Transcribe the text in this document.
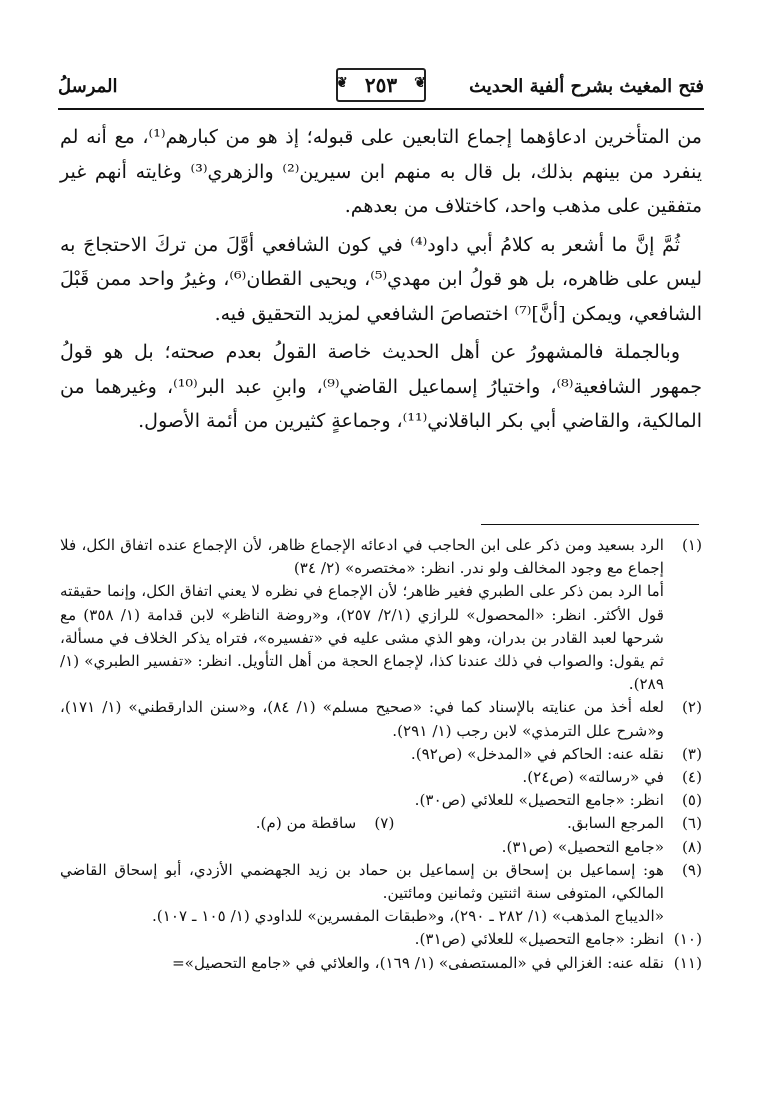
فتح المغيث بشرح ألفية الحديث
❦ ٢٥٣ ❦
المرسلُ

من المتأخرين ادعاؤهما إجماع التابعين على قبوله؛ إذ هو من كبارهم⁽¹⁾، مع أنه لم ينفرد من بينهم بذلك، بل قال به منهم ابن سيرين⁽²⁾ والزهري⁽³⁾ وغايته أنهم غير متفقين على مذهب واحد، كاختلاف من بعدهم.

ثُمَّ إنَّ ما أشعر به كلامُ أبي داود⁽⁴⁾ في كون الشافعي أوَّلَ من تركَ الاحتجاجَ به ليس على ظاهره، بل هو قولُ ابن مهدي⁽⁵⁾، ويحيى القطان⁽⁶⁾، وغيرُ واحد ممن قَبْلَ الشافعي، ويمكن [أنَّ]⁽⁷⁾ اختصاصَ الشافعي لمزيد التحقيق فيه.

وبالجملة فالمشهورُ عن أهل الحديث خاصة القولُ بعدم صحته؛ بل هو قولُ جمهور الشافعية⁽⁸⁾، واختيارُ إسماعيل القاضي⁽⁹⁾، وابنِ عبد البر⁽¹⁰⁾، وغيرهما من المالكية، والقاضي أبي بكر الباقلاني⁽¹¹⁾، وجماعةٍ كثيرين من أئمة الأصول.

(١)
الرد بسعيد ومن ذكر على ابن الحاجب في ادعائه الإجماع ظاهر، لأن الإجماع عنده اتفاق الكل، فلا إجماع مع وجود المخالف ولو ندر. انظر: «مختصره» (٢/ ٣٤)
أما الرد بمن ذكر على الطبري فغير ظاهر؛ لأن الإجماع في نظره لا يعني اتفاق الكل، وإنما حقيقته قول الأكثر. انظر: «المحصول» للرازي (٢/١/ ٢٥٧)، و«روضة الناظر» لابن قدامة (١/ ٣٥٨) مع شرحها لعبد القادر بن بدران، وهو الذي مشى عليه في «تفسيره»، فتراه يذكر الخلاف في مسألة، ثم يقول: والصواب في ذلك عندنا كذا، لإجماع الحجة من أهل التأويل. انظر: «تفسير الطبري» (١/ ٢٨٩).
(٢)
لعله أخذ من عنايته بالإسناد كما في: «صحيح مسلم» (١/ ٨٤)، و«سنن الدارقطني» (١/ ١٧١)، و«شرح علل الترمذي» لابن رجب (١/ ٢٩١).
(٣)
نقله عنه: الحاكم في «المدخل» (ص٩٢).
(٤)
في «رسالته» (ص٢٤).
(٥)
انظر: «جامع التحصيل» للعلائي (ص٣٠).
(٦)
المرجع السابق.
(٧)
ساقطة من (م).
(٨)
«جامع التحصيل» (ص٣١).
(٩)
هو: إسماعيل بن إسحاق بن إسماعيل بن حماد بن زيد الجهضمي الأزدي، أبو إسحاق القاضي المالكي، المتوفى سنة اثنتين وثمانين ومائتين.
«الديباج المذهب» (١/ ٢٨٢ ـ ٢٩٠)، و«طبقات المفسرين» للداودي (١/ ١٠٥ ـ ١٠٧).
(١٠)
انظر: «جامع التحصيل» للعلائي (ص٣١).
(١١)
نقله عنه: الغزالي في «المستصفى» (١/ ١٦٩)، والعلائي في «جامع التحصيل»=
